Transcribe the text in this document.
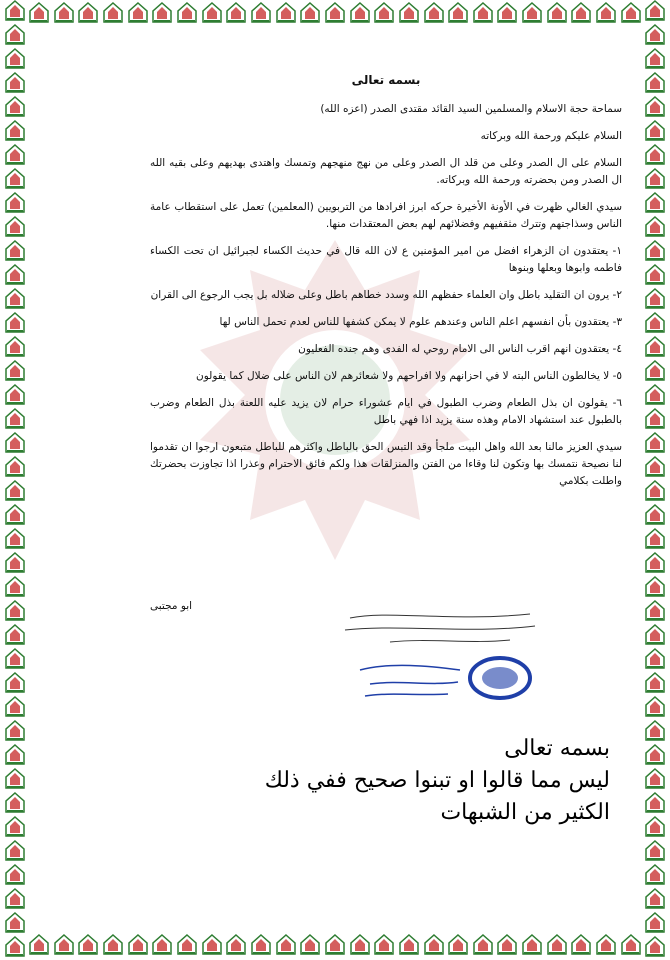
بسمه تعالى

سماحة حجة الاسلام والمسلمين السيد القائد مقتدى الصدر (اعزه الله)

السلام عليكم ورحمة الله وبركاته

السلام على ال الصدر وعلى من قلد ال الصدر وعلى من نهج منهجهم وتمسك واهتدى بهديهم وعلى بقيه الله ال الصدر ومن بحضرته ورحمة الله وبركاته.

سيدي الغالي ظهرت في الأونة الأخيرة حركه ابرز افرادها من التربويين (المعلمين) تعمل على استقطاب عامة الناس وسذاجتهم وتترك مثقفيهم وفضلائهم لهم بعض المعتقدات منها.

١- يعتقدون ان الزهراء افضل من امير المؤمنين ع لان الله قال في حديث الكساء لجبرائيل ان تحت الكساء فاطمه وابوها وبعلها وبنوها

٢- يرون ان التقليد باطل وان العلماء حفظهم الله وسدد خطاهم باطل وعلى ضلاله بل يجب الرجوع الى القران

٣- يعتقدون بأن انفسهم اعلم الناس وعندهم علوم لا يمكن كشفها للناس لعدم تحمل الناس لها

٤- يعتقدون انهم اقرب الناس الى الامام روحي له الفدى وهم جنده الفعليون

٥- لا يخالطون الناس البته لا في احزانهم ولا افراحهم ولا شعائرهم لان الناس على ضلال كما يقولون

٦- يقولون ان بذل الطعام وضرب الطبول في ايام عشوراء حرام لان يزيد عليه اللعنة بذل الطعام وضرب بالطبول عند استشهاد الامام وهذه سنة يزيد اذا فهي باطل

سيدي العزيز مالنا بعد الله واهل البيت ملجأ وقد التبس الحق بالباطل واكثرهم للباطل متبعون ارجوا ان تقدموا لنا نصيحة نتمسك بها وتكون لنا وقاءا من الفتن والمنزلقات هذا ولكم فائق الاحترام وعذرا اذا تجاوزت بحضرتك واطلت بكلامي

ابو مجتبى
بسمه تعالى
ليس مما قالوا او تبنوا صحيح ففي ذلك
الكثير من الشبهات
